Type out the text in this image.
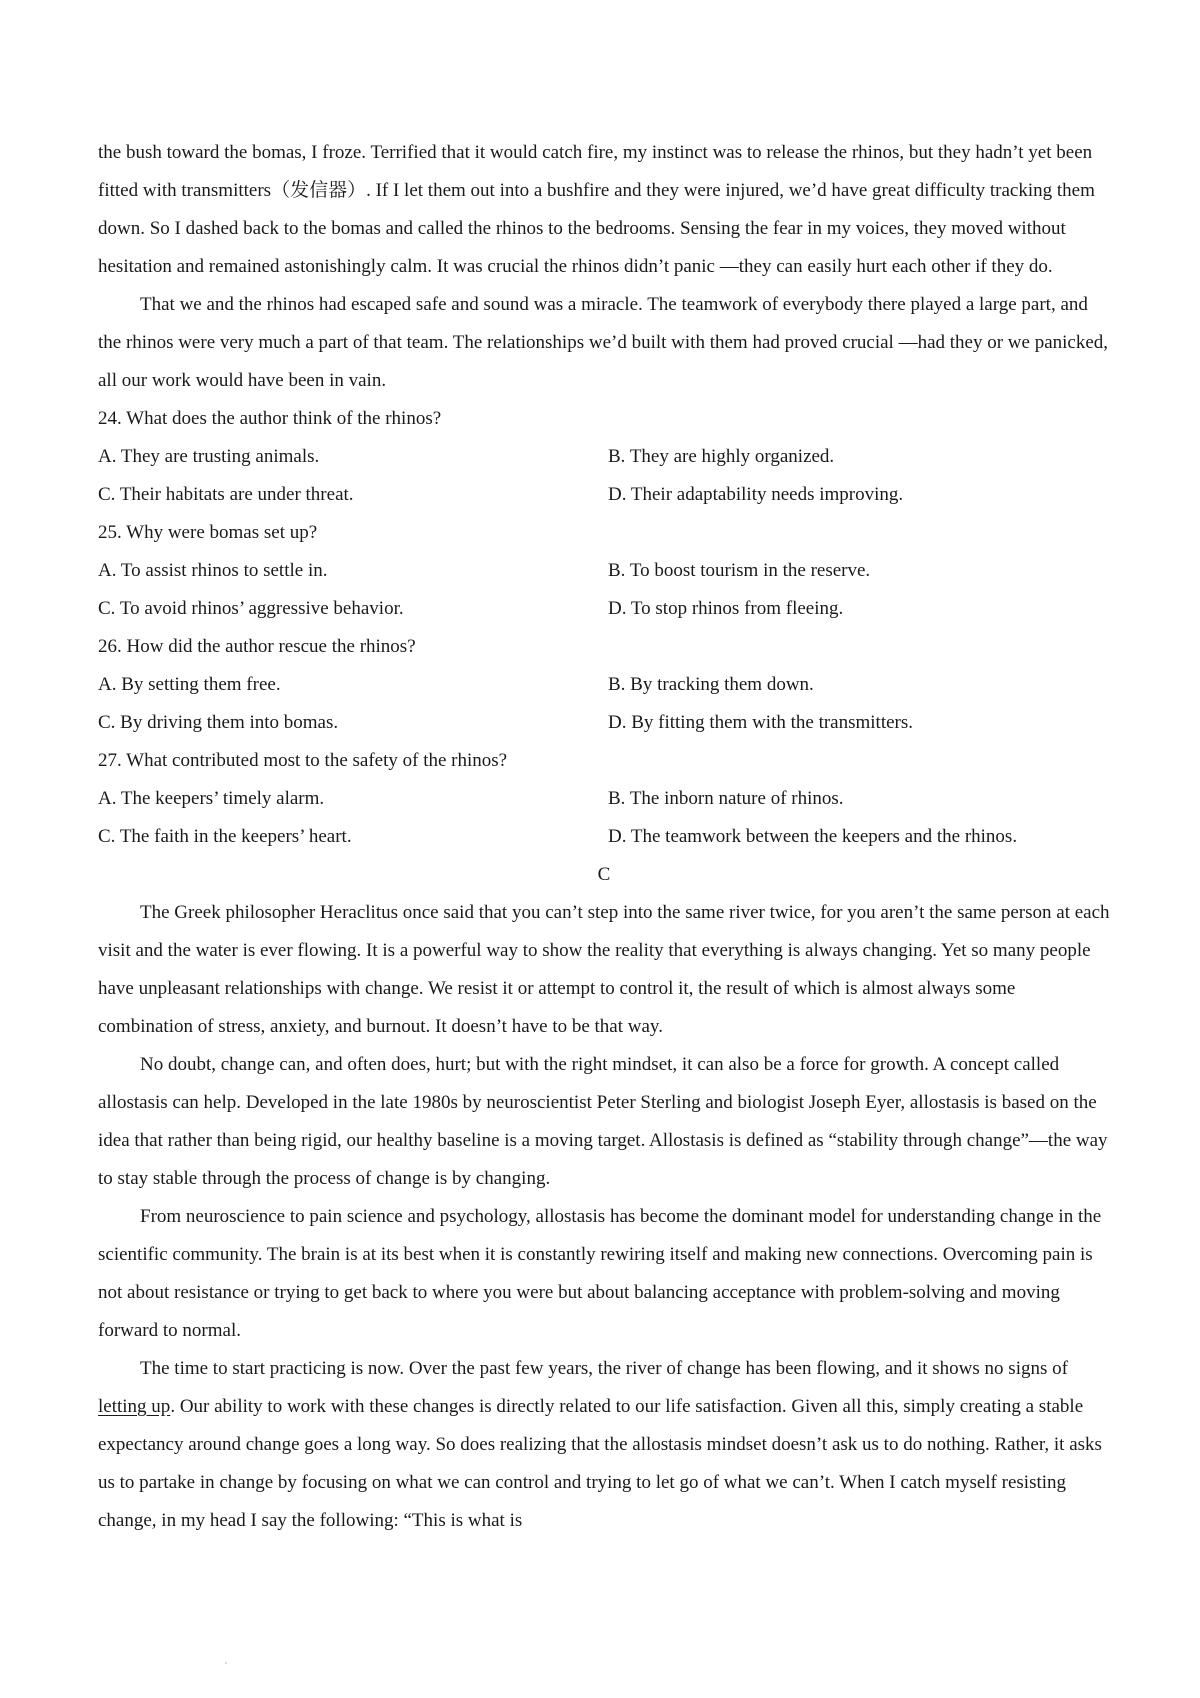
the bush toward the bomas, I froze. Terrified that it would catch fire, my instinct was to release the rhinos, but they hadn’t yet been fitted with transmitters（发信器）. If I let them out into a bushfire and they were injured, we’d have great difficulty tracking them down. So I dashed back to the bomas and called the rhinos to the bedrooms. Sensing the fear in my voices, they moved without hesitation and remained astonishingly calm. It was crucial the rhinos didn’t panic —they can easily hurt each other if they do.

That we and the rhinos had escaped safe and sound was a miracle. The teamwork of everybody there played a large part, and the rhinos were very much a part of that team. The relationships we’d built with them had proved crucial —had they or we panicked, all our work would have been in vain.

24. What does the author think of the rhinos?

A. They are trusting animals.	B. They are highly organized.
C. Their habitats are under threat.	D. Their adaptability needs improving.

25. Why were bomas set up?

A. To assist rhinos to settle in.	B. To boost tourism in the reserve.
C. To avoid rhinos’ aggressive behavior.	D. To stop rhinos from fleeing.

26. How did the author rescue the rhinos?

A. By setting them free.	B. By tracking them down.
C. By driving them into bomas.	D. By fitting them with the transmitters.

27. What contributed most to the safety of the rhinos?

A. The keepers’ timely alarm.	B. The inborn nature of rhinos.
C. The faith in the keepers’ heart.	D. The teamwork between the keepers and the rhinos.

C

The Greek philosopher Heraclitus once said that you can’t step into the same river twice, for you aren’t the same person at each visit and the water is ever flowing. It is a powerful way to show the reality that everything is always changing. Yet so many people have unpleasant relationships with change. We resist it or attempt to control it, the result of which is almost always some combination of stress, anxiety, and burnout. It doesn’t have to be that way.

No doubt, change can, and often does, hurt; but with the right mindset, it can also be a force for growth. A concept called allostasis can help. Developed in the late 1980s by neuroscientist Peter Sterling and biologist Joseph Eyer, allostasis is based on the idea that rather than being rigid, our healthy baseline is a moving target. Allostasis is defined as “stability through change”—the way to stay stable through the process of change is by changing.

From neuroscience to pain science and psychology, allostasis has become the dominant model for understanding change in the scientific community. The brain is at its best when it is constantly rewiring itself and making new connections. Overcoming pain is not about resistance or trying to get back to where you were but about balancing acceptance with problem-solving and moving forward to normal.

The time to start practicing is now. Over the past few years, the river of change has been flowing, and it shows no signs of letting up. Our ability to work with these changes is directly related to our life satisfaction. Given all this, simply creating a stable expectancy around change goes a long way. So does realizing that the allostasis mindset doesn’t ask us to do nothing. Rather, it asks us to partake in change by focusing on what we can control and trying to let go of what we can’t. When I catch myself resisting change, in my head I say the following: “This is what is
